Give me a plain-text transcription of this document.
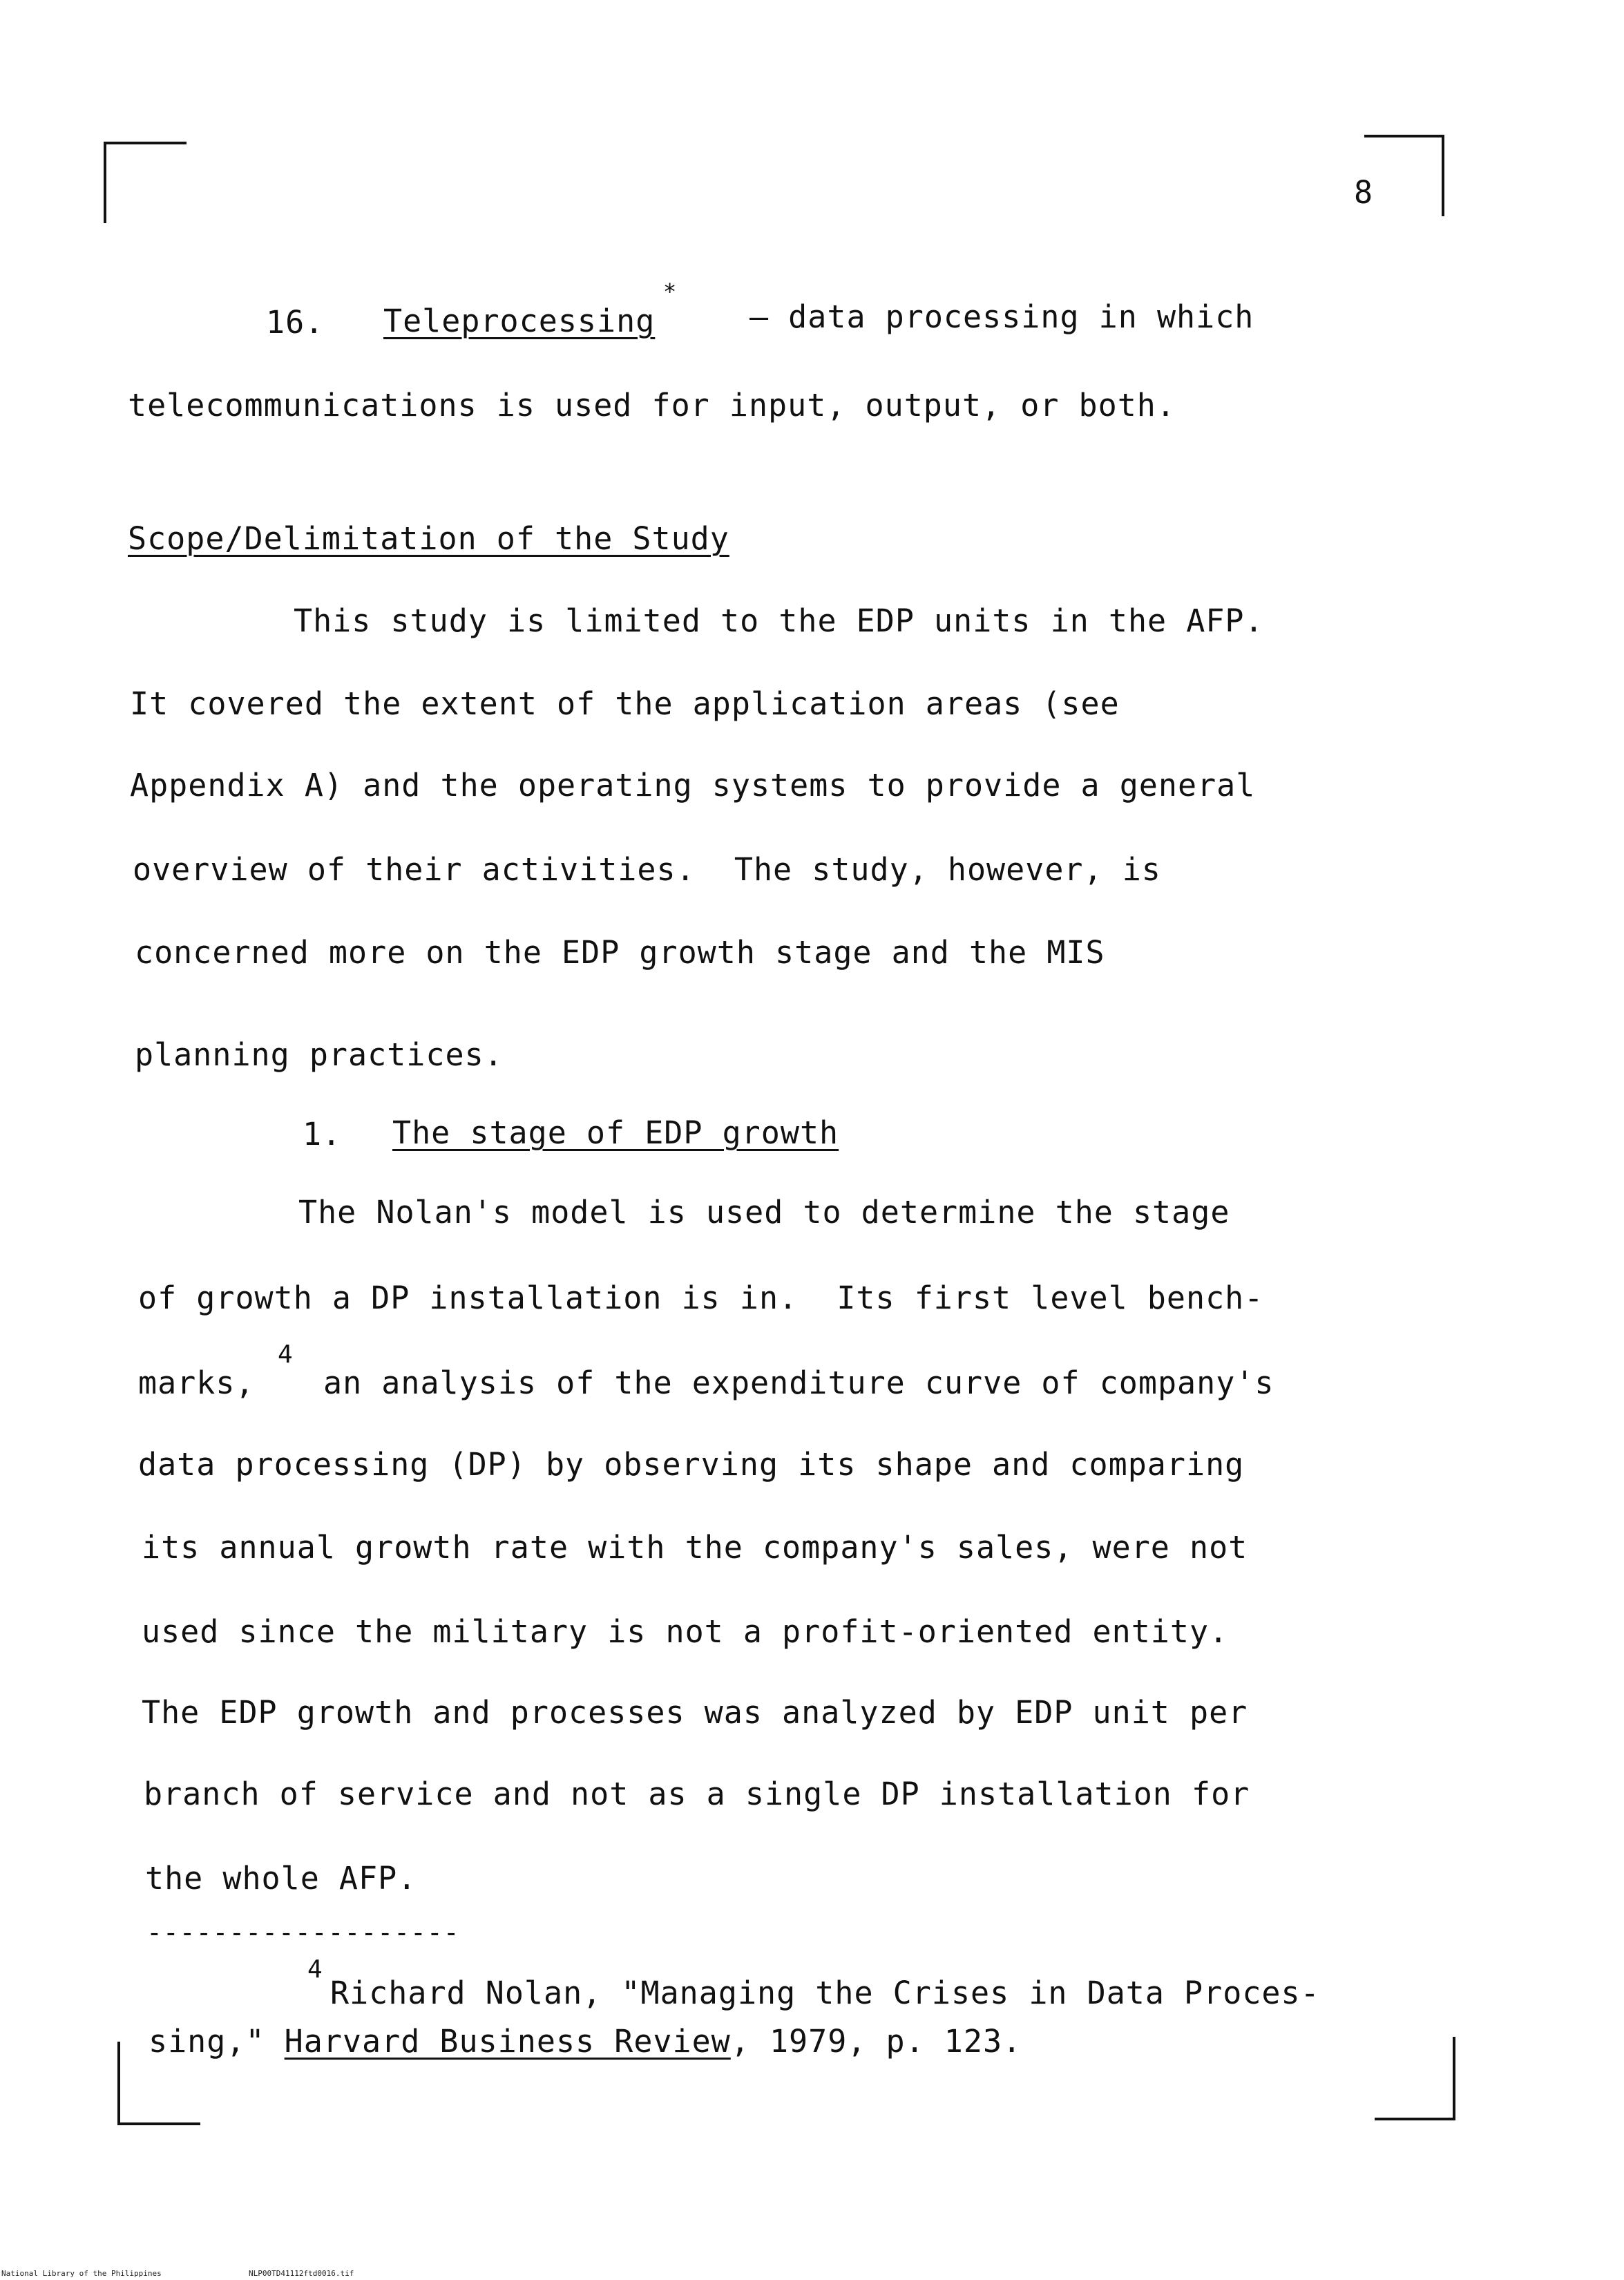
8
16. Teleprocessing
*
– data processing in which
telecommunications is used for input, output, or both.
Scope/Delimitation of the Study
This study is limited to the EDP units in the AFP.
It covered the extent of the application areas (see
Appendix A) and the operating systems to provide a general
overview of their activities.  The study, however, is
concerned more on the EDP growth stage and the MIS
planning practices.
1. The stage of EDP growth
The Nolan's model is used to determine the stage
of growth a DP installation is in.  Its first level bench-
marks,
4
an analysis of the expenditure curve of company's
data processing (DP) by observing its shape and comparing
its annual growth rate with the company's sales, were not
used since the military is not a profit-oriented entity.
The EDP growth and processes was analyzed by EDP unit per
branch of service and not as a single DP installation for
the whole AFP.
-------------------
4
Richard Nolan, "Managing the Crises in Data Proces-
sing," Harvard Business Review, 1979, p. 123.
National Library of the Philippines	NLP00TD41112ftd0016.tif
